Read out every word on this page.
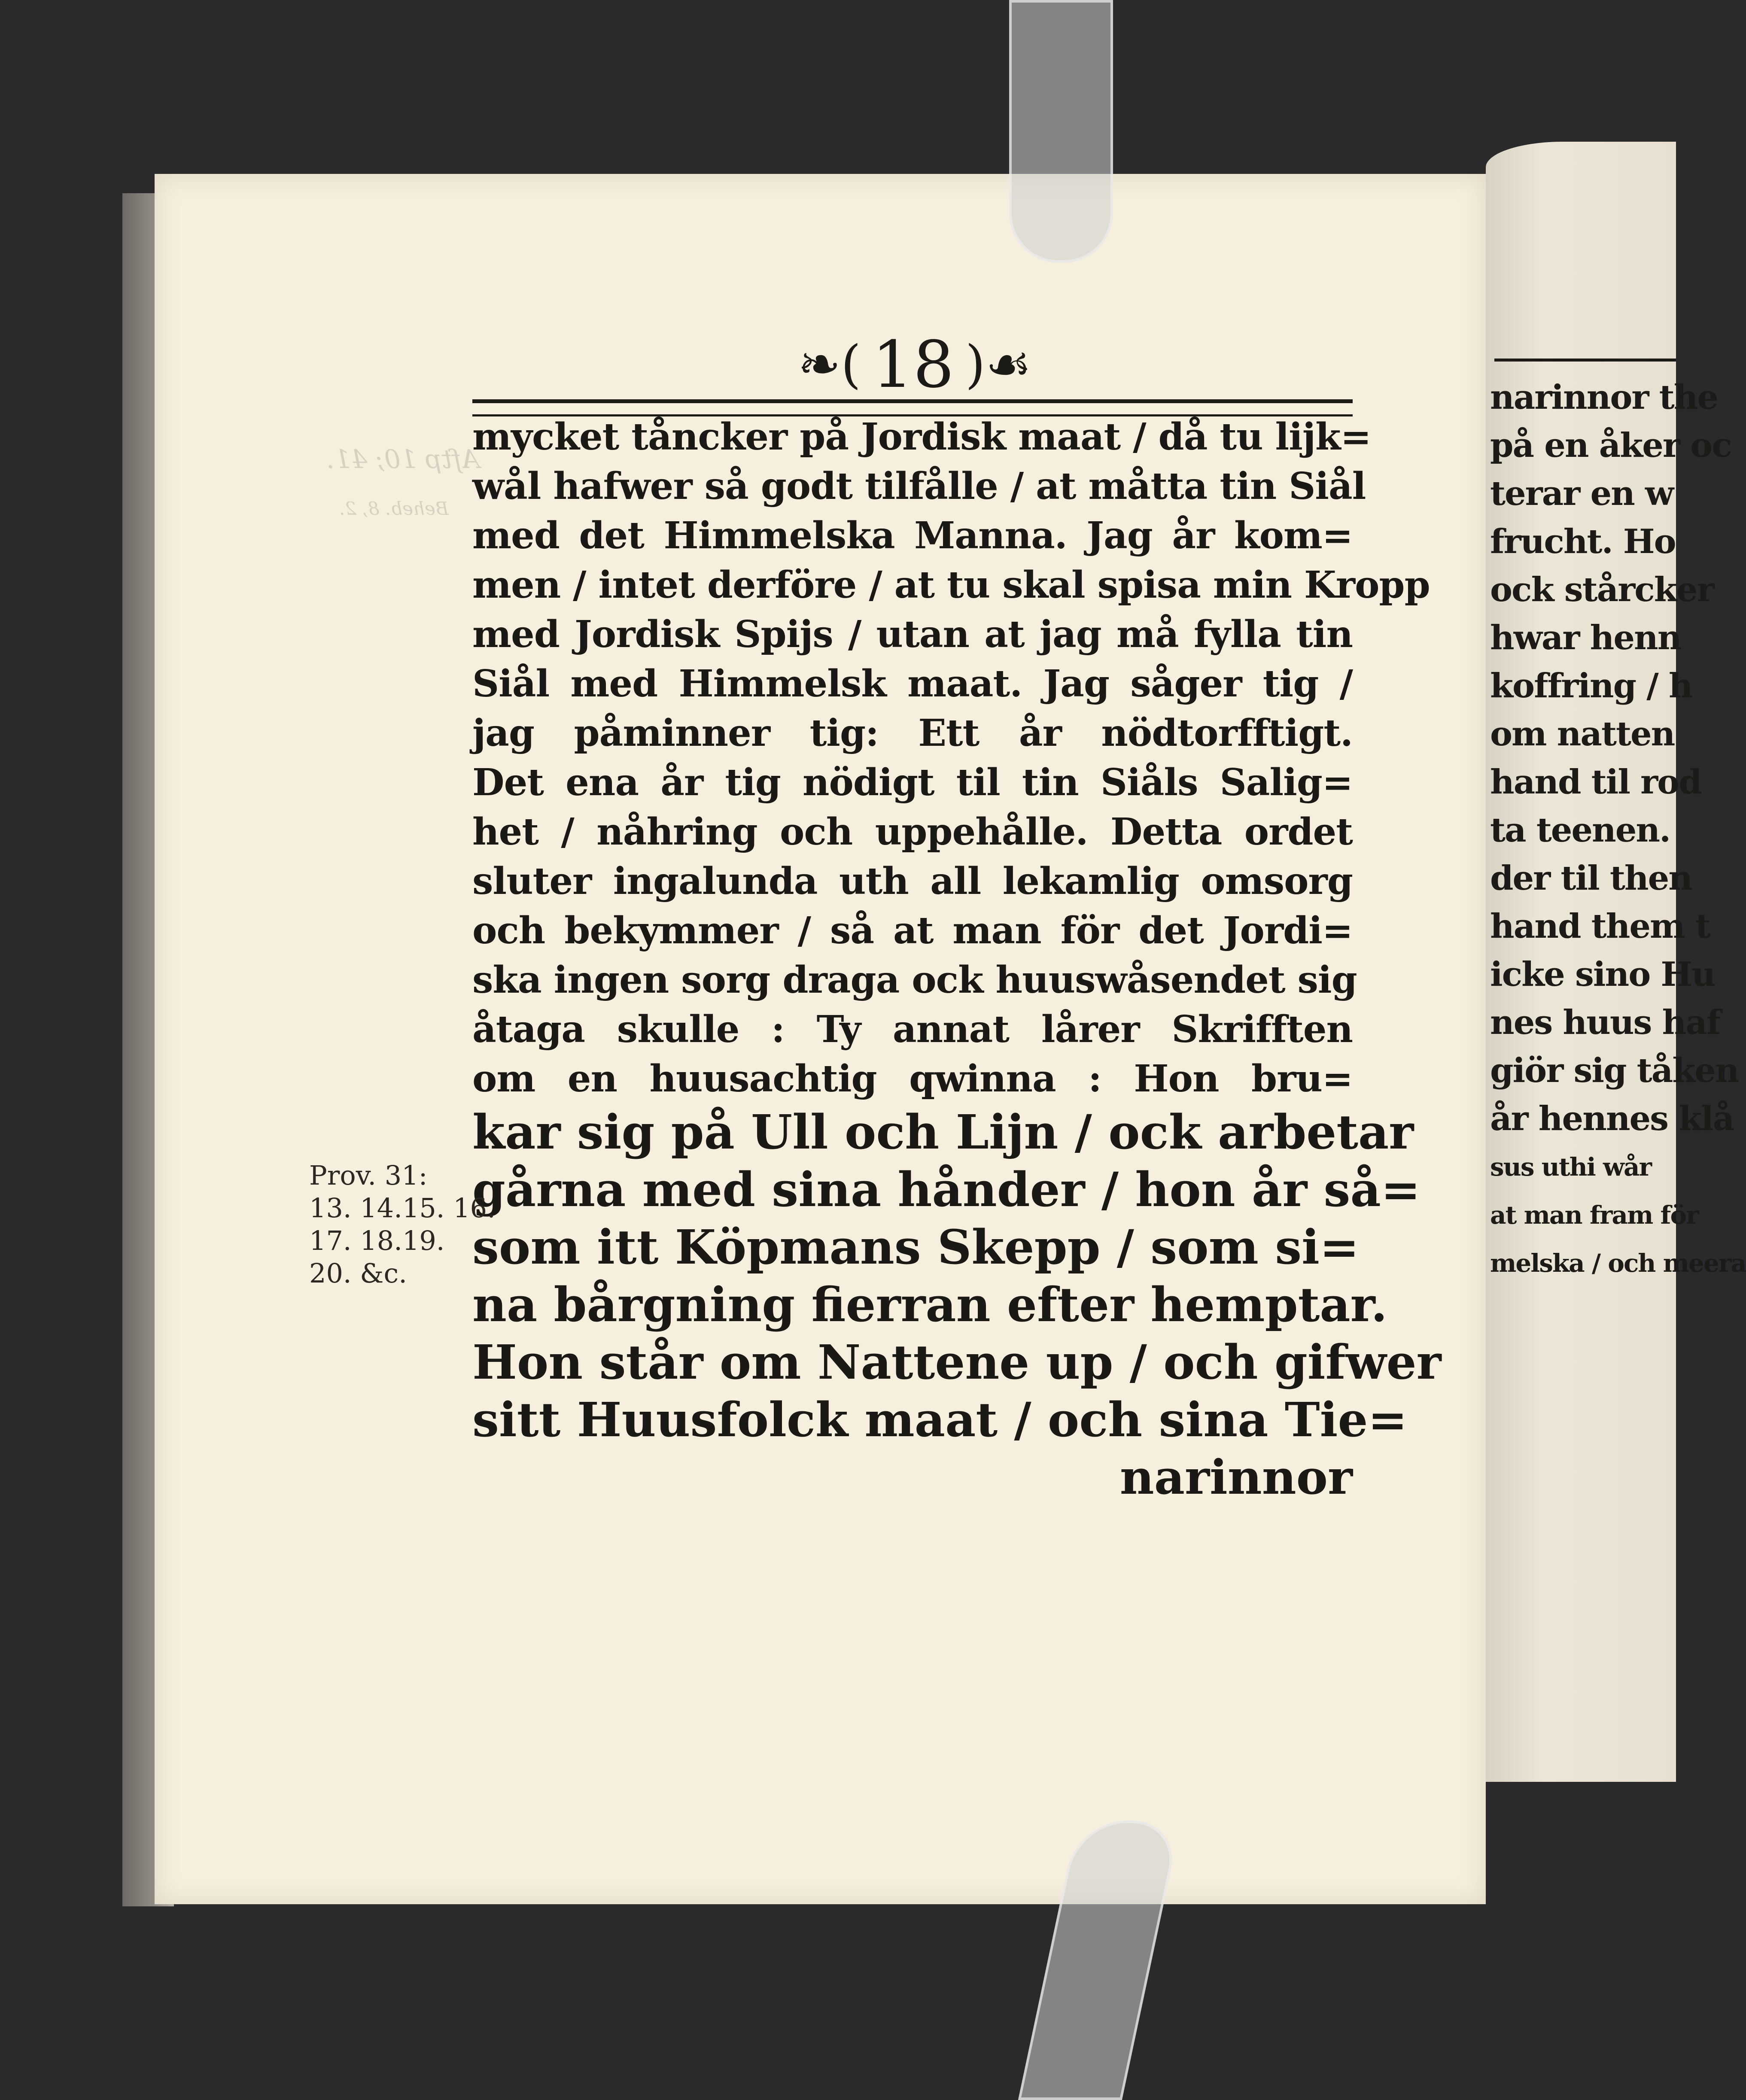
Aftp 10; 41.
Beheb. 8, 2.
❧( 18 )☙
mycket tåncker på Jordisk maat / då tu lijk=
wål hafwer så godt tilfålle / at måtta tin Siål
med det Himmelska Manna. Jag år kom=
men / intet derföre / at tu skal spisa min Kropp
med Jordisk Spijs / utan at jag må fylla tin
Siål med Himmelsk maat. Jag såger tig /
jag påminner tig: Ett år nödtorfftigt.
Det ena år tig nödigt til tin Siåls Salig=
het / nåhring och uppehålle. Detta ordet
sluter ingalunda uth all lekamlig omsorg
och bekymmer / så at man för det Jordi=
ska ingen sorg draga ock huuswåsendet sig
åtaga skulle : Ty annat lårer Skrifften
om en huusachtig qwinna : Hon bru=
kar sig på Ull och Lijn / ock arbetar
gårna med sina hånder / hon år så=
som itt Köpmans Skepp / som si=
na bårgning fierran efter hemptar.
Hon står om Nattene up / och gifwer
sitt Huusfolck maat / och sina Tie=
narinnor
Prov. 31:
13. 14.15. 16.
17. 18.19.
20. &c.
narinnor the
på en åker oc
terar en w
frucht. Ho
ock stårcker
hwar henn
koffring / h
om natten
hand til rod
ta teenen.
der til then
hand them t
icke sino Hu
nes huus haf
giör sig tåken
år hennes klå
sus uthi wår
at man fram för
melska / och meera
